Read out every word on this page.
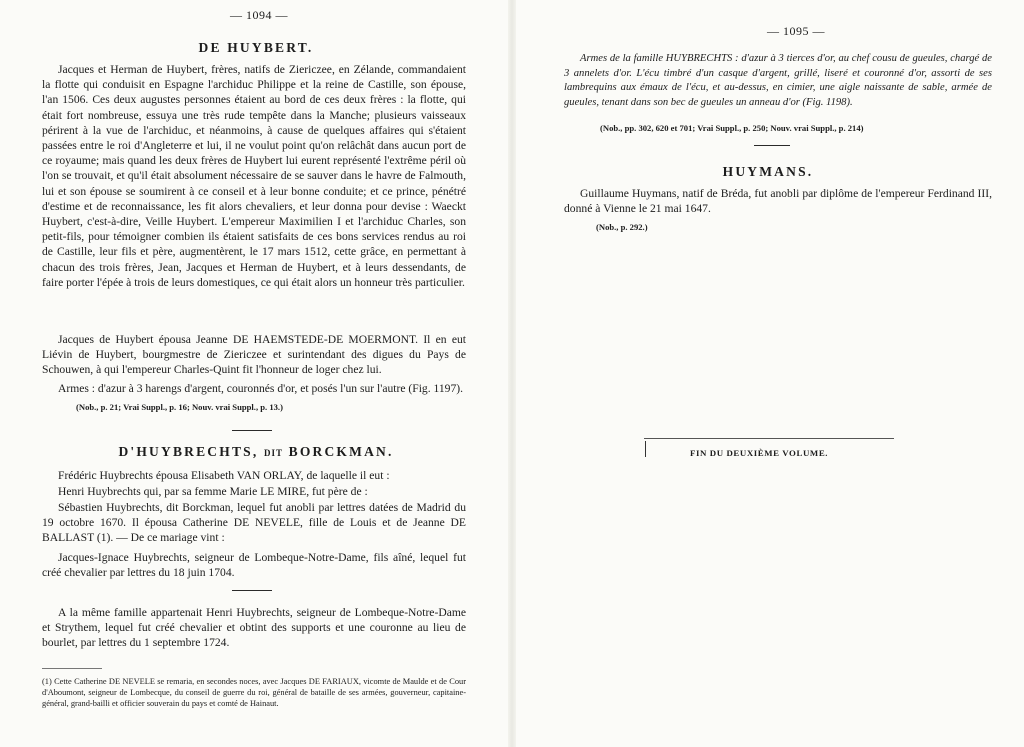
— 1094 —
DE HUYBERT.

Jacques et Herman de Huybert, frères, natifs de Ziericzee, en Zélande, commandaient la flotte qui conduisit en Espagne l'archiduc Philippe et la reine de Castille, son épouse, l'an 1506. Ces deux augustes personnes étaient au bord de ces deux frères : la flotte, qui était fort nombreuse, essuya une très rude tempête dans la Manche; plusieurs vaisseaux périrent à la vue de l'archiduc, et néanmoins, à cause de quelques affaires qui s'étaient passées entre le roi d'Angleterre et lui, il ne voulut point qu'on relâchât dans aucun port de ce royaume; mais quand les deux frères de Huybert lui eurent représenté l'extrême péril où l'on se trouvait, et qu'il était absolument nécessaire de se sauver dans le havre de Falmouth, lui et son épouse se soumirent à ce conseil et à leur bonne conduite; et ce prince, pénétré d'estime et de reconnaissance, les fit alors chevaliers, et leur donna pour devise : Waeckt Huybert, c'est-à-dire, Veille Huybert. L'empereur Maximilien I et l'archiduc Charles, son petit-fils, pour témoigner combien ils étaient satisfaits de ces bons services rendus au roi de Castille, leur fils et père, augmentèrent, le 17 mars 1512, cette grâce, en permettant à chacun des trois frères, Jean, Jacques et Herman de Huybert, et à leurs dessendants, de faire porter l'épée à trois de leurs domestiques, ce qui était alors un honneur très particulier.

Jacques de Huybert épousa Jeanne DE HAEMSTEDE-DE MOERMONT. Il en eut Liévin de Huybert, bourgmestre de Ziericzee et surintendant des digues du Pays de Schouwen, à qui l'empereur Charles-Quint fit l'honneur de loger chez lui.

Armes : d'azur à 3 harengs d'argent, couronnés d'or, et posés l'un sur l'autre (Fig. 1197).

(Nob., p. 21; Vrai Suppl., p. 16; Nouv. vrai Suppl., p. 13.)
D'HUYBRECHTS, DIT BORCKMAN.

Frédéric Huybrechts épousa Elisabeth VAN ORLAY, de laquelle il eut :

Henri Huybrechts qui, par sa femme Marie LE MIRE, fut père de :

Sébastien Huybrechts, dit Borckman, lequel fut anobli par lettres datées de Madrid du 19 octobre 1670. Il épousa Catherine DE NEVELE, fille de Louis et de Jeanne DE BALLAST (1). — De ce mariage vint :

Jacques-Ignace Huybrechts, seigneur de Lombeque-Notre-Dame, fils aîné, lequel fut créé chevalier par lettres du 18 juin 1704.

A la même famille appartenait Henri Huybrechts, seigneur de Lombeque-Notre-Dame et Strythem, lequel fut créé chevalier et obtint des supports et une couronne au lieu de bourlet, par lettres du 1 septembre 1724.

(1) Cette Catherine DE NEVELE se remaria, en secondes noces, avec Jacques DE FARIAUX, vicomte de Maulde et de Cour d'Aboumont, seigneur de Lombecque, du conseil de guerre du roi, général de bataille de ses armées, gouverneur, capitaine-général, grand-bailli et officier souverain du pays et comté de Hainaut.

— 1095 —

Armes de la famille HUYBRECHTS : d'azur à 3 tierces d'or, au chef cousu de gueules, chargé de 3 annelets d'or. L'écu timbré d'un casque d'argent, grillé, liseré et couronné d'or, assorti de ses lambrequins aux émaux de l'écu, et au-dessus, en cimier, une aigle naissante de sable, armée de gueules, tenant dans son bec de gueules un anneau d'or (Fig. 1198).

(Nob., pp. 302, 620 et 701; Vrai Suppl., p. 250; Nouv. vrai Suppl., p. 214)
HUYMANS.

Guillaume Huymans, natif de Bréda, fut anobli par diplôme de l'empereur Ferdinand III, donné à Vienne le 21 mai 1647.

(Nob., p. 292.)
FIN DU DEUXIÈME VOLUME.
